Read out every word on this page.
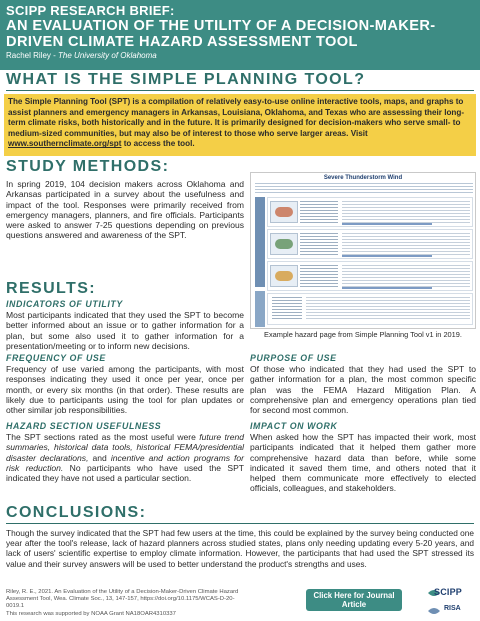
SCIPP RESEARCH BRIEF:
AN EVALUATION OF THE UTILITY OF A DECISION-MAKER-DRIVEN CLIMATE HAZARD ASSESSMENT TOOL
Rachel Riley - The University of Oklahoma
WHAT IS THE SIMPLE PLANNING TOOL?
The Simple Planning Tool (SPT) is a compilation of relatively easy-to-use online interactive tools, maps, and graphs to assist planners and emergency managers in Arkansas, Louisiana, Oklahoma, and Texas who are assessing their long-term climate risks, both historically and in the future. It is primarily designed for decision-makers who serve small- to medium-sized communities, but may also be of interest to those who serve larger areas. Visit www.southernclimate.org/spt to access the tool.
STUDY METHODS:
In spring 2019, 104 decision makers across Oklahoma and Arkansas participated in a survey about the usefulness and impact of the tool. Responses were primarily received from emergency managers, planners, and fire officials. Participants were asked to answer 7-25 questions depending on previous questions answered and awareness of the SPT.
RESULTS:
INDICATORS OF UTILITY
Most participants indicated that they used the SPT to become better informed about an issue or to gather information for a plan, but some also used it to gather information for a presentation/meeting or to inform new decisions.
FREQUENCY OF USE
Frequency of use varied among the participants, with most responses indicating they used it once per year, once per month, or every six months (in that order). These results are likely due to participants using the tool for plan updates or other similar job responsibilities.
HAZARD SECTION USEFULNESS
The SPT sections rated as the most useful were future trend summaries, historical data tools, historical FEMA/presidential disaster declarations, and incentive and action programs for risk reduction. No participants who have used the SPT indicated they have not used a particular section.
Severe Thunderstorm Wind
Example hazard page from Simple Planning Tool v1 in 2019.
PURPOSE OF USE
Of those who indicated that they had used the SPT to gather information for a plan, the most common specific plan was the FEMA Hazard Mitigation Plan. A comprehensive plan and emergency operations plan tied for second most common.
IMPACT ON WORK
When asked how the SPT has impacted their work, most participants indicated that it helped them gather more comprehensive hazard data than before, while some indicated it saved them time, and others noted that it helped them communicate more effectively to elected officials, colleagues, and stakeholders.
CONCLUSIONS:
Though the survey indicated that the SPT had few users at the time, this could be explained by the survey being conducted one year after the tool's release, lack of hazard planners across studied states, plans only needing updating every 5-20 years, and lack of users' scientific expertise to employ climate information. However, the participants that had used the SPT stressed its value and their survey answers will be used to better understand the product's strengths and uses.
Riley, R. E., 2021. An Evaluation of the Utility of a Decision-Maker-Driven Climate Hazard Assessment Tool, Wea. Climate Soc., 13, 147-157, https://doi.org/10.1175/WCAS-D-20-0019.1
This research was supported by NOAA Grant NA18OAR4310337
Click Here for Journal Article
SCIPP
RISA
